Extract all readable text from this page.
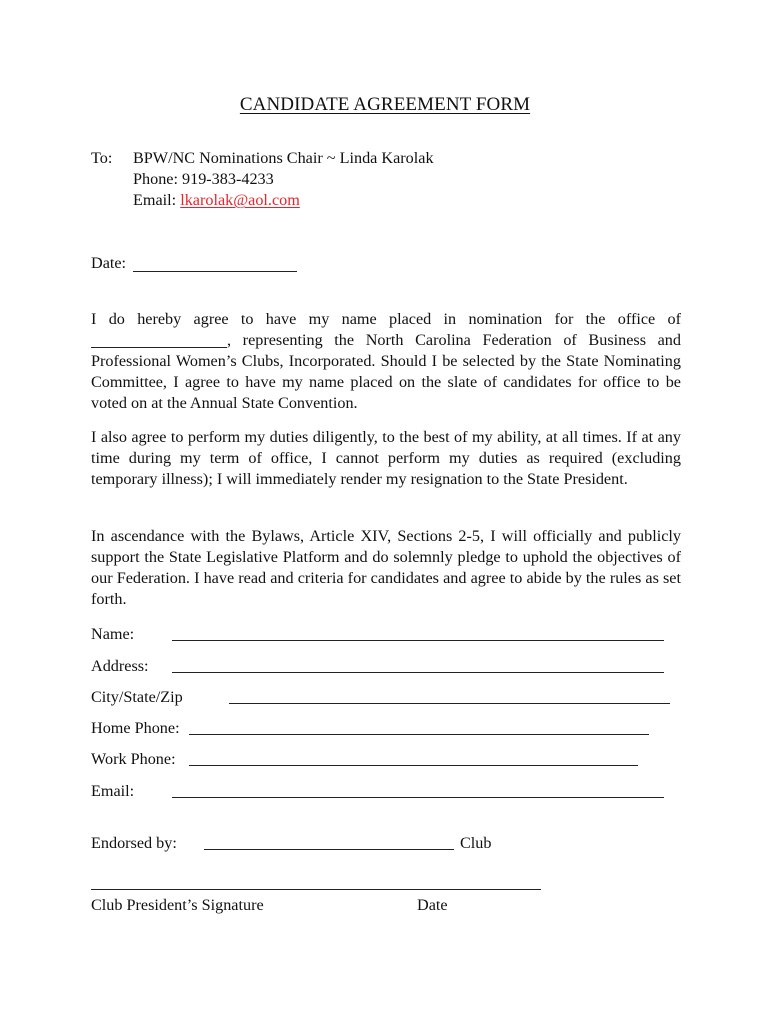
CANDIDATE AGREEMENT FORM
To: BPW/NC Nominations Chair ~ Linda Karolak
Phone: 919-383-4233
Email: lkarolak@aol.com
Date:
I do hereby agree to have my name placed in nomination for the office of
, representing the North Carolina Federation of Business and
Professional Women’s Clubs, Incorporated. Should I be selected by the State Nominating Committee, I agree to have my name placed on the slate of candidates for office to be voted on at the Annual State Convention.
I also agree to perform my duties diligently, to the best of my ability, at all times. If at any time during my term of office, I cannot perform my duties as required (excluding temporary illness); I will immediately render my resignation to the State President.
In ascendance with the Bylaws, Article XIV, Sections 2-5, I will officially and publicly support the State Legislative Platform and do solemnly pledge to uphold the objectives of our Federation. I have read and criteria for candidates and agree to abide by the rules as set forth.
Name:
Address:
City/State/Zip
Home Phone:
Work Phone:
Email:
Endorsed by:	Club
Club President’s Signature	Date
